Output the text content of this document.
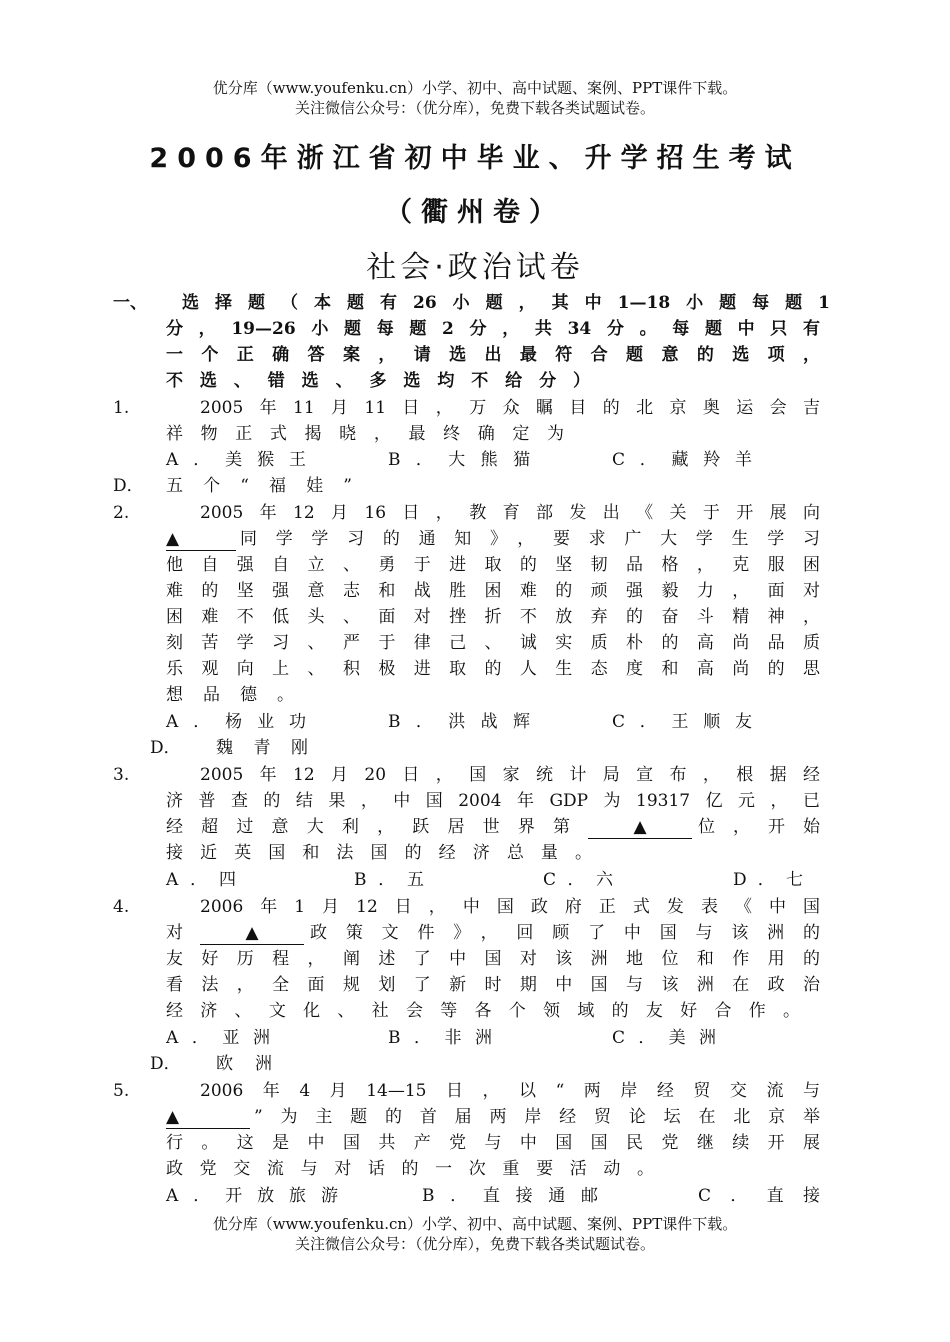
优分库（www.youfenku.cn）小学、初中、高中试题、案例、PPT课件下载。
关注微信公众号：（优分库），免费下载各类试题试卷。
2006年浙江省初中毕业、升学招生考试（衢州卷）
社会·政治试卷
一、 选择题（本题有26小题，其中1—18小题每题1
分，19—26小题每题2分，共34分。每题中只有
一个正确答案，请选出最符合题意的选项，
不选、错选、多选均不给分）
1.	2005年11月11日，万众瞩目的北京奥运会吉
祥物正式揭晓，最终确定为
A．美猴王	B．大熊猫	C．藏羚羊
D． 五个“福娃”
2.	2005年12月16日，教育部发出《关于开展向
▲	同学学习的通知》，要求广大学生学习
他自强自立、勇于进取的坚韧品格，克服困
难的坚强意志和战胜困难的顽强毅力，面对
困难不低头、面对挫折不放弃的奋斗精神，
刻苦学习、严于律己、诚实质朴的高尚品质
乐观向上、积极进取的人生态度和高尚的思
想品德。
A．杨业功	B．洪战辉	C．王顺友
D． 魏青刚
3.	2005年12月20日，国家统计局宣布，根据经
济普查的结果，中国2004年GDP为19317亿元，已
经超过意大利，跃居世界第	▲	位，开始
接近英国和法国的经济总量。
A．四	B．五	C．六	D．七
4.	2006年1月12日，中国政府正式发表《中国
对	▲	政策文件》，回顾了中国与该洲的
友好历程，阐述了中国对该洲地位和作用的
看法，全面规划了新时期中国与该洲在政治
经济、文化、社会等各个领域的友好合作。
A．亚洲	B．非洲	C．美洲
D． 欧洲
5.	2006年4月14—15日，以“两岸经贸交流与
▲	”为主题的首届两岸经贸论坛在北京举
行。这是中国共产党与中国国民党继续开展
政党交流与对话的一次重要活动。
A．开放旅游	B．直接通邮	C．直接
优分库（www.youfenku.cn）小学、初中、高中试题、案例、PPT课件下载。
关注微信公众号：（优分库），免费下载各类试题试卷。
